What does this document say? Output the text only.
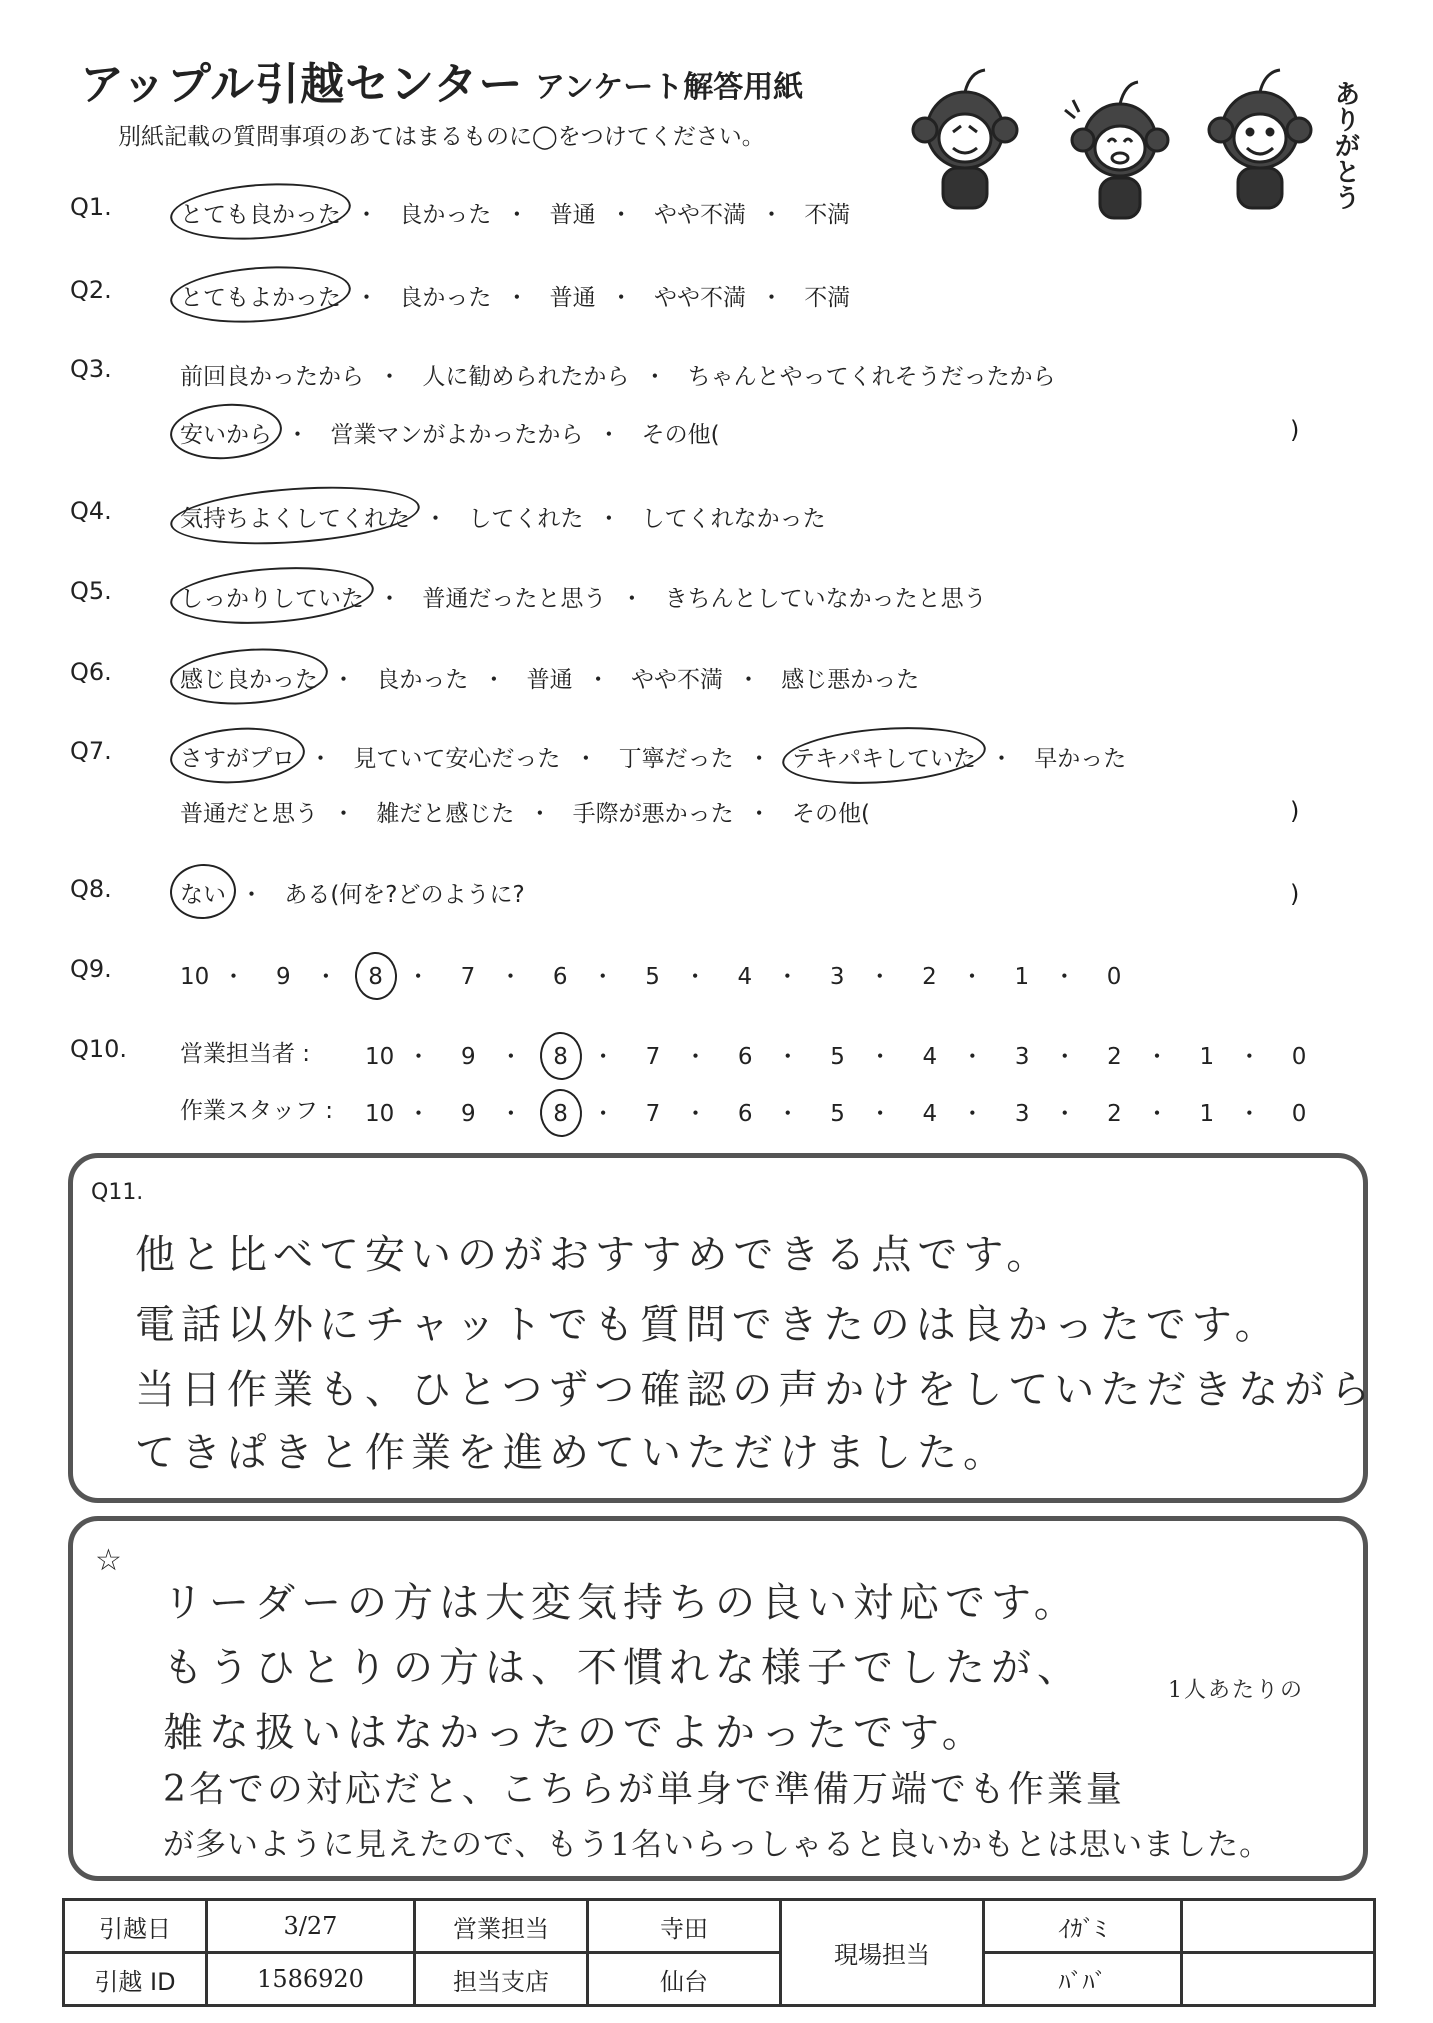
アップル引越センター アンケート解答用紙
別紙記載の質問事項のあてはまるものに◯をつけてください。	ありがとう
Q1.	とても良かった ・ 良かった ・ 普通 ・ やや不満 ・ 不満
Q2.	とてもよかった ・ 良かった ・ 普通 ・ やや不満 ・ 不満
Q3.	前回良かったから ・ 人に勧められたから ・ ちゃんとやってくれそうだったから
安いから ・ 営業マンがよかったから ・ その他(	)
Q4.	気持ちよくしてくれた ・ してくれた ・ してくれなかった
Q5.	しっかりしていた ・ 普通だったと思う ・ きちんとしていなかったと思う
Q6.	感じ良かった ・ 良かった ・ 普通 ・ やや不満 ・ 感じ悪かった
Q7.	さすがプロ ・ 見ていて安心だった ・ 丁寧だった ・ テキパキしていた ・ 早かった
普通だと思う ・ 雑だと感じた ・ 手際が悪かった ・ その他(	)
Q8.	ない ・ ある(何を?どのように?	)
Q9.	10 ・ 9 ・ 8 ・ 7 ・ 6 ・ 5 ・ 4 ・ 3 ・ 2 ・ 1 ・ 0
Q10. 営業担当者 : 10 ・ 9 ・ 8 ・ 7 ・ 6 ・ 5 ・ 4 ・ 3 ・ 2 ・ 1 ・ 0
作業スタッフ : 10 ・ 9 ・ 8 ・ 7 ・ 6 ・ 5 ・ 4 ・ 3 ・ 2 ・ 1 ・ 0
Q11.
他と比べて安いのがおすすめできる点です。
電話以外にチャットでも質問できたのは良かったです。
当日作業も、ひとつずつ確認の声かけをしていただきながら
てきぱきと作業を進めていただけました。
☆
リーダーの方は大変気持ちの良い対応です。
もうひとりの方は、不慣れな様子でしたが、
雑な扱いはなかったのでよかったです。
1人あたりの
2名での対応だと、こちらが単身で準備万端でも作業量
が多いように見えたので、もう1名いらっしゃると良いかもとは思いました。
引越日	3/27	営業担当	寺田	現場担当	ｲｶﾞﾐ	
引越 ID	1586920	担当支店	仙台		ﾊﾞﾊﾞ	
